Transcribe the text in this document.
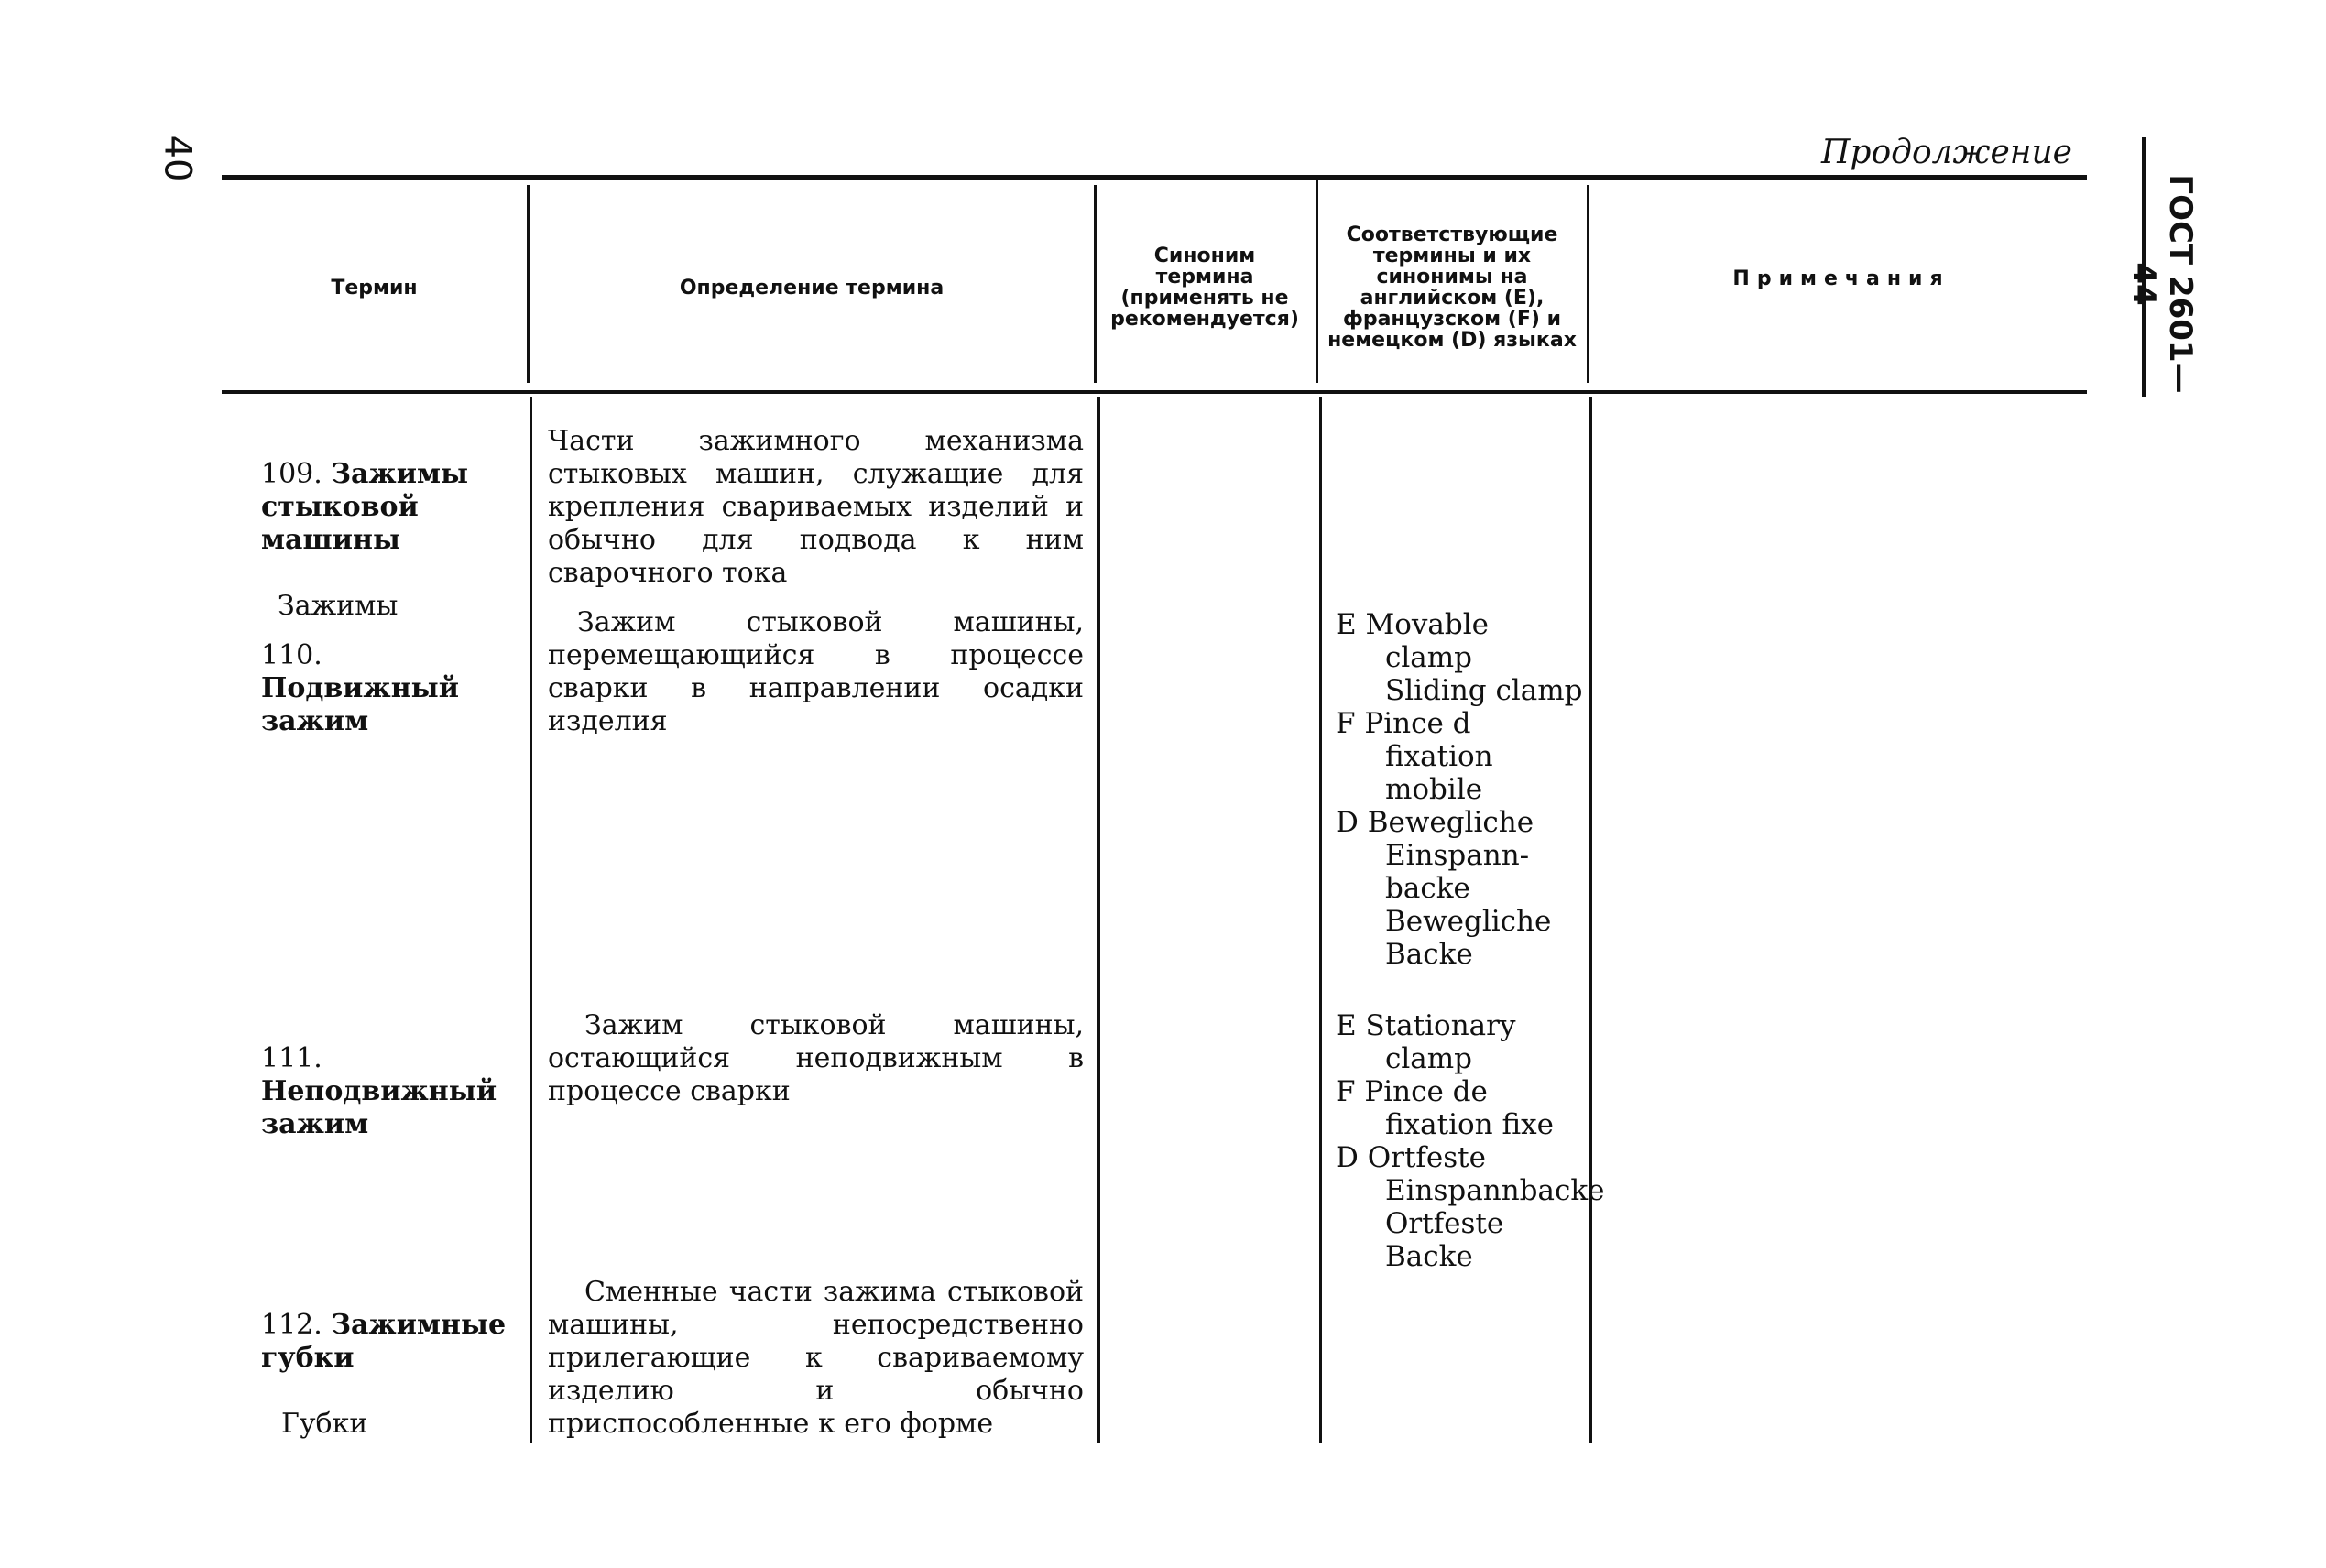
40	Продолжение
ГОСТ 2601—44
Термин	Определение термина
Синоним термина (применять не рекомендуется)
Соответствующие термины и их синонимы на английском (E), французском (F) и немецком (D) языках
Примечания

109. Зажимы стыковой машины

Зажимы

Части зажимного механизма стыковых машин, служащие для крепления свариваемых изделий и обычно для подвода к ним сварочного тока

110. Подвижный зажим

Зажим стыковой машины, перемещающийся в процессе сварки в направлении осадки изделия
E Movable clamp
Sliding clamp
F Pince d fixation mobile
D Bewegliche Einspann-backe
Bewegliche Backe

111. Неподвижный зажим

Зажим стыковой машины, остающийся неподвижным в процессе сварки
E Stationary clamp
F Pince de fixation fixe
D Ortfeste Einspannbacke
Ortfeste Backe

112. Зажимные губки

Губки

Сменные части зажима стыковой машины, непосредственно прилегающие к свариваемому изделию и обычно приспособленные к его форме
